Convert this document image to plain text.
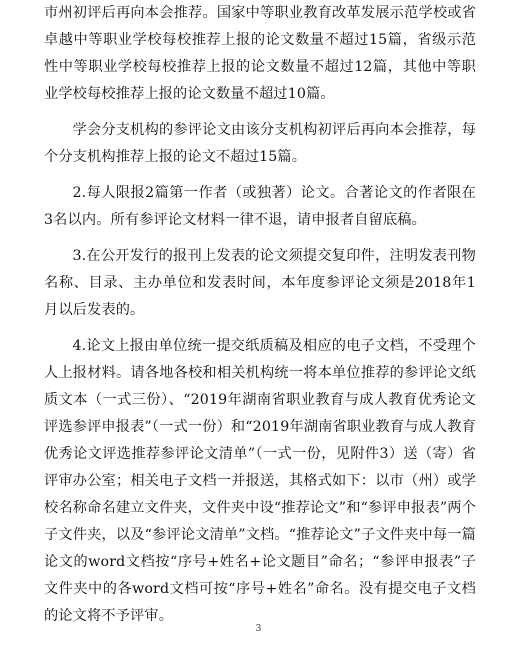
市州初评后再向本会推荐。国家中等职业教育改革发展示范学校或省卓越中等职业学校每校推荐上报的论文数量不超过15篇，省级示范性中等职业学校每校推荐上报的论文数量不超过12篇，其他中等职业学校每校推荐上报的论文数量不超过10篇。

学会分支机构的参评论文由该分支机构初评后再向本会推荐，每个分支机构推荐上报的论文不超过15篇。

2.每人限报2篇第一作者（或独著）论文。合著论文的作者限在3名以内。所有参评论文材料一律不退，请申报者自留底稿。

3.在公开发行的报刊上发表的论文须提交复印件，注明发表刊物名称、目录、主办单位和发表时间，本年度参评论文须是2018年1月以后发表的。

4.论文上报由单位统一提交纸质稿及相应的电子文档，不受理个人上报材料。请各地各校和相关机构统一将本单位推荐的参评论文纸质文本（一式三份）、“2019年湖南省职业教育与成人教育优秀论文评选参评申报表”（一式一份）和“2019年湖南省职业教育与成人教育优秀论文评选推荐参评论文清单”（一式一份，见附件3）送（寄）省评审办公室；相关电子文档一并报送，其格式如下：以市（州）或学校名称命名建立文件夹，文件夹中设“推荐论文”和“参评申报表”两个子文件夹，以及“参评论文清单”文档。“推荐论文”子文件夹中每一篇论文的word文档按“序号+姓名+论文题目”命名；“参评申报表”子文件夹中的各word文档可按“序号+姓名”命名。没有提交电子文档的论文将不予评审。

3
